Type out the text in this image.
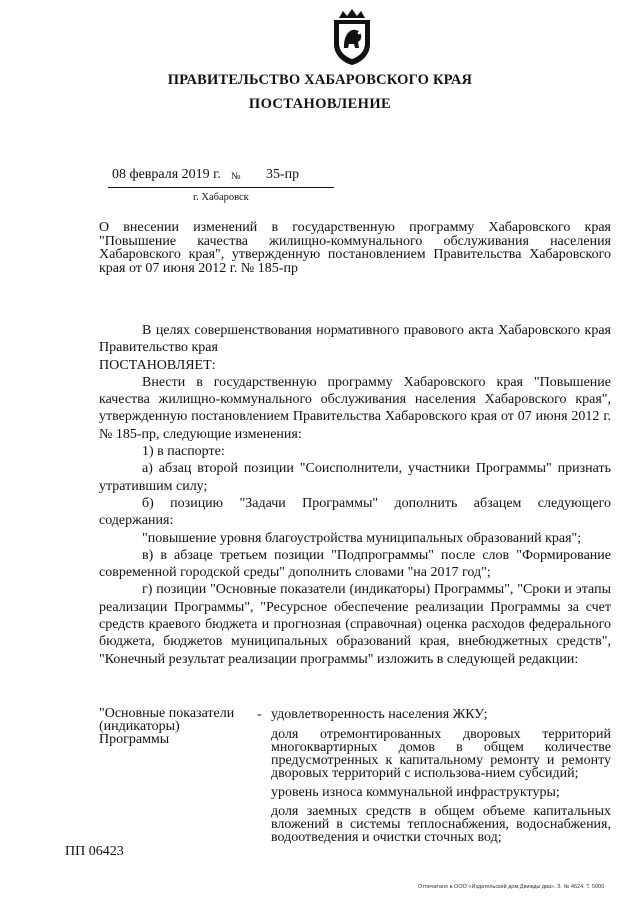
ПРАВИТЕЛЬСТВО ХАБАРОВСКОГО КРАЯ
ПОСТАНОВЛЕНИЕ
08 февраля 2019 г. № 35-пр
г. Хабаровск
О внесении изменений в государственную программу Хабаровского края "Повышение качества жилищно-коммунального обслуживания населения Хабаровского края", утвержденную постановлением Правительства Хабаровского края от 07 июня 2012 г. № 185-пр

В целях совершенствования нормативного правового акта Хабаровского края Правительство края

ПОСТАНОВЛЯЕТ:

Внести в государственную программу Хабаровского края "Повышение качества жилищно-коммунального обслуживания населения Хабаровского края", утвержденную постановлением Правительства Хабаровского края от 07 июня 2012 г. № 185-пр, следующие изменения:

1) в паспорте:

а) абзац второй позиции "Соисполнители, участники Программы" признать утратившим силу;

б) позицию "Задачи Программы" дополнить абзацем следующего содержания:

"повышение уровня благоустройства муниципальных образований края";

в) в абзаце третьем позиции "Подпрограммы" после слов "Формирование современной городской среды" дополнить словами "на 2017 год";

г) позиции "Основные показатели (индикаторы) Программы", "Сроки и этапы реализации Программы", "Ресурсное обеспечение реализации Программы за счет средств краевого бюджета и прогнозная (справочная) оценка расходов федерального бюджета, бюджетов муниципальных образований края, внебюджетных средств", "Конечный результат реализации программы" изложить в следующей редакции:

"Основные показатели (индикаторы) Программы
- удовлетворенность населения ЖКУ;

доля отремонтированных дворовых территорий многоквартирных домов в общем количестве предусмотренных к капитальному ремонту и ремонту дворовых территорий с использова-нием субсидий;

уровень износа коммунальной инфраструктуры;

доля заемных средств в общем объеме капитальных вложений в системы теплоснабжения, водоснабжения, водоотведения и очистки сточных вод;

ПП 06423
Отпечатано в ООО «Издательский дом Движды два». З. № 4624. Т. 5000
